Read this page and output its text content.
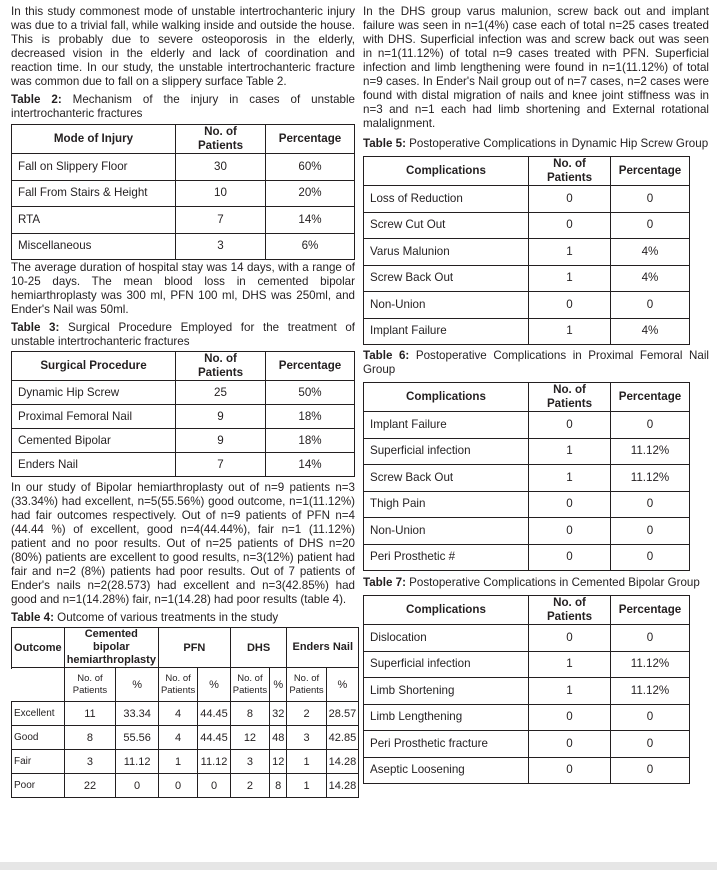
In this study commonest mode of unstable intertrochanteric injury was due to a trivial fall, while walking inside and outside the house. This is probably due to severe osteoporosis in the elderly, decreased vision in the elderly and lack of coordination and reaction time. In our study, the unstable intertrochanteric fracture was common due to fall on a slippery surface Table 2.

Table 2: Mechanism of the injury in cases of unstable intertrochanteric fractures
Mode of Injury	No. of Patients	Percentage
Fall on Slippery Floor	30	60%
Fall From Stairs & Height	10	20%
RTA	7	14%
Miscellaneous	3	6%

The average duration of hospital stay was 14 days, with a range of 10-25 days. The mean blood loss in cemented bipolar hemiarthroplasty was 300 ml, PFN 100 ml, DHS was 250ml, and Ender's Nail was 50ml.

Table 3: Surgical Procedure Employed for the treatment of unstable intertrochanteric fractures
Surgical Procedure	No. of Patients	Percentage
Dynamic Hip Screw	25	50%
Proximal Femoral Nail	9	18%
Cemented Bipolar	9	18%
Enders Nail	7	14%

In our study of Bipolar hemiarthroplasty out of n=9 patients n=3 (33.34%) had excellent, n=5(55.56%) good outcome, n=1(11.12%) had fair outcomes respectively. Out of n=9 patients of PFN n=4 (44.44 %) of excellent, good n=4(44.44%), fair n=1 (11.12%) patient and no poor results. Out of n=25 patients of DHS n=20 (80%) patients are excellent to good results, n=3(12%) patient had fair and n=2 (8%) patients had poor results. Out of 7 patients of Ender's nails n=2(28.573) had excellent and n=3(42.85%) had good and n=1(14.28%) fair, n=1(14.28) had poor results (table 4).

Table 4: Outcome of various treatments in the study
Outcome	Cemented bipolar hemiarthroplasty		PFN		DHS		Enders Nail	

	No. of Patients	%	No. of Patients	%	No. of Patients	%	No. of Patients	%
Excellent	11	33.34	4	44.45	8	32	2	28.57
Good	8	55.56	4	44.45	12	48	3	42.85
Fair	3	11.12	1	11.12	3	12	1	14.28
Poor	22	0	0	0	2	8	1	14.28

In the DHS group varus malunion, screw back out and implant failure was seen in n=1(4%) case each of total n=25 cases treated with DHS. Superficial infection was and screw back out was seen in n=1(11.12%) of total n=9 cases treated with PFN. Superficial infection and limb lengthening were found in n=1(11.12%) of total n=9 cases. In Ender's Nail group out of n=7 cases, n=2 cases were found with distal migration of nails and knee joint stiffness was in n=3 and n=1 each had limb shortening and External rotational malalignment.

Table 5: Postoperative Complications in Dynamic Hip Screw Group
Complications	No. of Patients	Percentage
Loss of Reduction	0	0
Screw Cut Out	0	0
Varus Malunion	1	4%
Screw Back Out	1	4%
Non-Union	0	0
Implant Failure	1	4%
Table 6: Postoperative Complications in Proximal Femoral Nail Group
Complications	No. of Patients	Percentage
Implant Failure	0	0
Superficial infection	1	11.12%
Screw Back Out	1	11.12%
Thigh Pain	0	0
Non-Union	0	0
Peri Prosthetic #	0	0
Table 7: Postoperative Complications in Cemented Bipolar Group
Complications	No. of Patients	Percentage
Dislocation	0	0
Superficial infection	1	11.12%
Limb Shortening	1	11.12%
Limb Lengthening	0	0
Peri Prosthetic fracture	0	0
Aseptic Loosening	0	0
